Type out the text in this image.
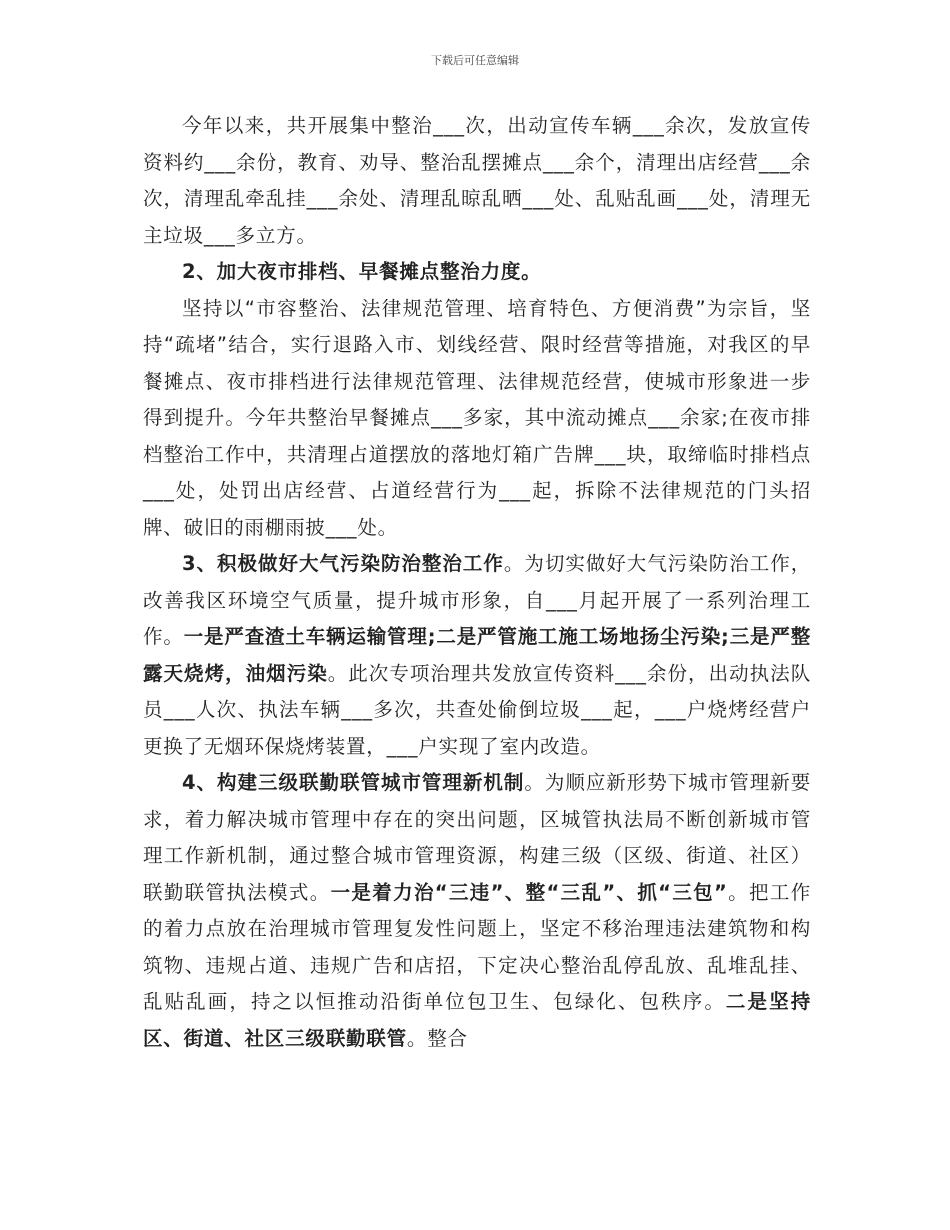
下载后可任意编辑

今年以来，共开展集中整治___次，出动宣传车辆___余次，发放宣传资料约___余份，教育、劝导、整治乱摆摊点___余个，清理出店经营___余次，清理乱牵乱挂___余处、清理乱晾乱晒___处、乱贴乱画___处，清理无主垃圾___多立方。

2、加大夜市排档、早餐摊点整治力度。

坚持以“市容整治、法律规范管理、培育特色、方便消费”为宗旨，坚持“疏堵”结合，实行退路入市、划线经营、限时经营等措施，对我区的早餐摊点、夜市排档进行法律规范管理、法律规范经营，使城市形象进一步得到提升。今年共整治早餐摊点___多家，其中流动摊点___余家;在夜市排档整治工作中，共清理占道摆放的落地灯箱广告牌___块，取缔临时排档点___处，处罚出店经营、占道经营行为___起，拆除不法律规范的门头招牌、破旧的雨棚雨披___处。

3、积极做好大气污染防治整治工作。为切实做好大气污染防治工作，改善我区环境空气质量，提升城市形象，自___月起开展了一系列治理工作。一是严查渣土车辆运输管理;二是严管施工施工场地扬尘污染;三是严整露天烧烤，油烟污染。此次专项治理共发放宣传资料___余份，出动执法队员___人次、执法车辆___多次，共查处偷倒垃圾___起，___户烧烤经营户更换了无烟环保烧烤装置，___户实现了室内改造。

4、构建三级联勤联管城市管理新机制。为顺应新形势下城市管理新要求，着力解决城市管理中存在的突出问题，区城管执法局不断创新城市管理工作新机制，通过整合城市管理资源，构建三级（区级、街道、社区）联勤联管执法模式。一是着力治“三违”、整“三乱”、抓“三包”。把工作的着力点放在治理城市管理复发性问题上，坚定不移治理违法建筑物和构筑物、违规占道、违规广告和店招，下定决心整治乱停乱放、乱堆乱挂、乱贴乱画，持之以恒推动沿街单位包卫生、包绿化、包秩序。二是坚持区、街道、社区三级联勤联管。整合
